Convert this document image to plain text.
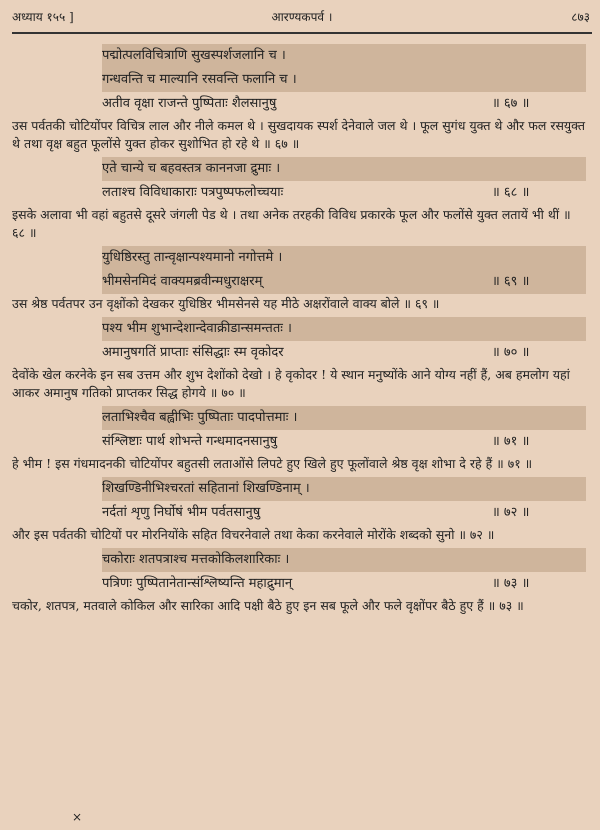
अध्याय १५५ ]	आरण्यकपर्व ।	८७३
पद्मोत्पलविचित्राणि सुखस्पर्शजलानि च ।
गन्धवन्ति च माल्यानि रसवन्ति फलानि च ।
अतीव वृक्षा राजन्ते पुष्पिताः शैलसानुषु	॥ ६७ ॥
उस पर्वतकी चोटियोंपर विचित्र लाल और नीले कमल थे । सुखदायक स्पर्श देनेवाले जल थे । फूल सुगंध युक्त थे और फल रसयुक्त थे तथा वृक्ष बहुत फूलोंसे युक्त होकर सुशोभित हो रहे थे ॥ ६७ ॥
एते चान्ये च बहवस्तत्र काननजा द्रुमाः ।
लताश्च विविधाकाराः पत्रपुष्पफलोच्चयाः	॥ ६८ ॥
इसके अलावा भी वहां बहुतसे दूसरे जंगली पेड थे । तथा अनेक तरहकी विविध प्रकारके फूल और फलोंसे युक्त लतायें भी थीं ॥ ६८ ॥
युधिष्ठिरस्तु तान्वृक्षान्पश्यमानो नगोत्तमे ।
भीमसेनमिदं वाक्यमब्रवीन्मधुराक्षरम्	॥ ६९ ॥
उस श्रेष्ठ पर्वतपर उन वृक्षोंको देखकर युधिष्ठिर भीमसेनसे यह मीठे अक्षरोंवाले वाक्य बोले ॥ ६९ ॥
पश्य भीम शुभान्देशान्देवाक्रीडान्समन्ततः ।
अमानुषगतिं प्राप्ताः संसिद्धाः स्म वृकोदर	॥ ७० ॥
देवोंके खेल करनेके इन सब उत्तम और शुभ देशोंको देखो । हे वृकोदर ! ये स्थान मनुष्योंके आने योग्य नहीं हैं, अब हमलोग यहां आकर अमानुष गतिको प्राप्तकर सिद्ध होगये ॥ ७० ॥
लताभिश्चैव बह्वीभिः पुष्पिताः पादपोत्तमाः ।
संश्लिष्टाः पार्थ शोभन्ते गन्धमादनसानुषु	॥ ७१ ॥
हे भीम ! इस गंधमादनकी चोटियोंपर बहुतसी लताओंसे लिपटे हुए खिले हुए फूलोंवाले श्रेष्ठ वृक्ष शोभा दे रहे हैं ॥ ७१ ॥
शिखण्डिनीभिश्चरतां सहितानां शिखण्डिनाम् ।
नर्दतां शृणु निर्घोषं भीम पर्वतसानुषु	॥ ७२ ॥
और इस पर्वतकी चोटियों पर मोरनियोंके सहित विचरनेवाले तथा केका करनेवाले मोरोंके शब्दको सुनो ॥ ७२ ॥
चकोराः शतपत्राश्च मत्तकोकिलशारिकाः ।
पत्रिणः पुष्पितानेतान्संश्लिष्यन्ति महाद्रुमान्	॥ ७३ ॥
चकोर, शतपत्र, मतवाले कोकिल और सारिका आदि पक्षी बैठे हुए इन सब फूले और फले वृक्षोंपर बैठे हुए हैं ॥ ७३ ॥
×
